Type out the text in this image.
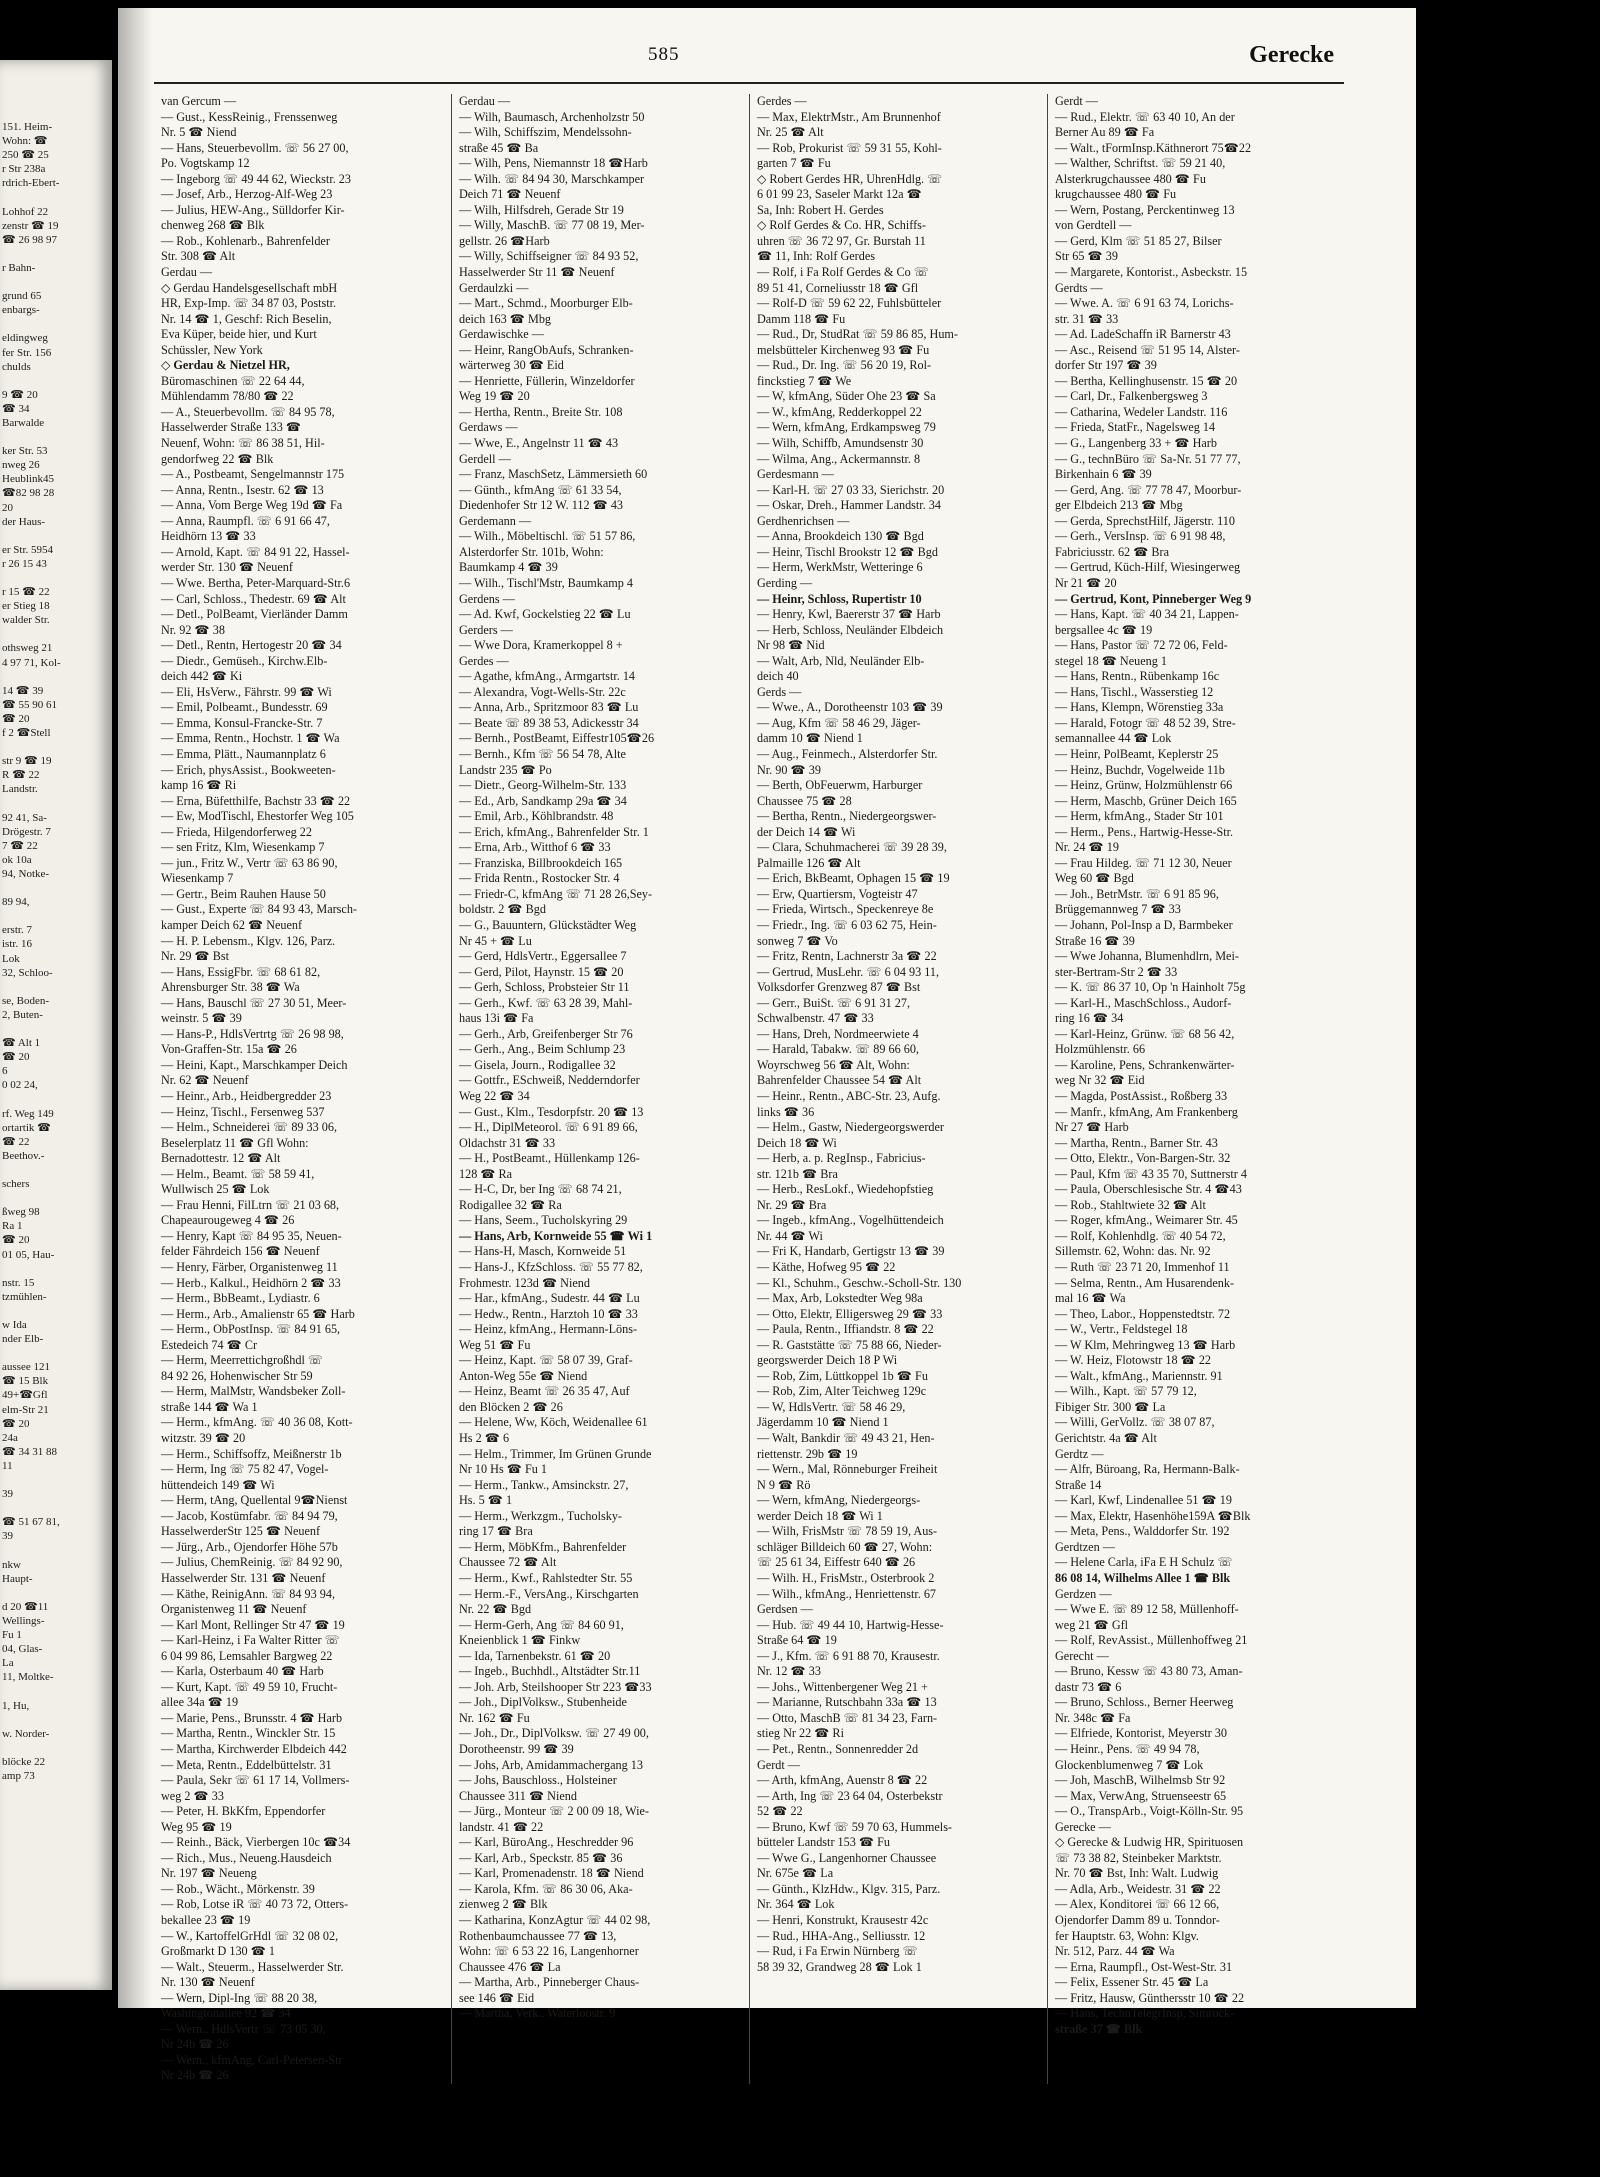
151. Heim-
Wohn: ☎
250 ☎ 25
r Str 238a
rdrich-Ebert-

Lohhof 22
zenstr ☎ 19
☎ 26 98 97

r Bahn-

grund 65
enbargs-

eldingweg
fer Str. 156
chulds

9 ☎ 20
☎ 34
Barwalde

ker Str. 53
nweg 26
Heublink45
☎82 98 28
20
der Haus-

er Str. 5954
r 26 15 43

r 15 ☎ 22
er Stieg 18
walder Str.

othsweg 21
4 97 71, Kol-

14 ☎ 39
☎ 55 90 61
☎ 20
f 2 ☎Stell

str 9 ☎ 19
R ☎ 22
Landstr.

92 41, Sa-
Drögestr. 7
7 ☎ 22
ok 10a
94, Notke-

89 94,

erstr. 7
istr. 16
Lok
32, Schloo-

se, Boden-
2, Buten-

☎ Alt 1
☎ 20
6
0 02 24,

rf. Weg 149
ortartik ☎
☎ 22
Beethov.-

schers

ßweg 98
Ra 1
☎ 20
01 05, Hau-

nstr. 15
tzmühlen-

w Ida
nder Elb-

aussee 121
☎ 15 Blk
49+☎Gfl
elm-Str 21
☎ 20
24a
☎ 34 31 88
11

39

☎ 51 67 81,
39

nkw
Haupt-

d 20 ☎11
Wellings-
Fu 1
04, Glas-
La
11, Moltke-

1, Hu,

w. Norder-

blöcke 22
amp 73
585	Gerecke
van Gercum —
— Gust., KessReinig., Frenssenweg
Nr. 5 ☎ Niend
— Hans, Steuerbevollm. ☏ 56 27 00,
Po. Vogtskamp 12
— Ingeborg ☏ 49 44 62, Wieckstr. 23
— Josef, Arb., Herzog-Alf-Weg 23
— Julius, HEW-Ang., Sülldorfer Kir-
chenweg 268 ☎ Blk
— Rob., Kohlenarb., Bahrenfelder
Str. 308 ☎ Alt
Gerdau —
◇ Gerdau Handelsgesellschaft mbH
HR, Exp-Imp. ☏ 34 87 03, Poststr.
Nr. 14 ☎ 1, Geschf: Rich Beselin,
Eva Küper, beide hier, und Kurt
Schüssler, New York
◇ Gerdau & Nietzel HR,
Büromaschinen ☏ 22 64 44,
Mühlendamm 78/80 ☎ 22
— A., Steuerbevollm. ☏ 84 95 78,
Hasselwerder Straße 133 ☎
Neuenf, Wohn: ☏ 86 38 51, Hil-
gendorfweg 22 ☎ Blk
— A., Postbeamt, Sengelmannstr 175
— Anna, Rentn., Isestr. 62 ☎ 13
— Anna, Vom Berge Weg 19d ☎ Fa
— Anna, Raumpfl. ☏ 6 91 66 47,
Heidhörn 13 ☎ 33
— Arnold, Kapt. ☏ 84 91 22, Hassel-
werder Str. 130 ☎ Neuenf
— Wwe. Bertha, Peter-Marquard-Str.6
— Carl, Schloss., Thedestr. 69 ☎ Alt
— Detl., PolBeamt, Vierländer Damm
Nr. 92 ☎ 38
— Detl., Rentn, Hertogestr 20 ☎ 34
— Diedr., Gemüseh., Kirchw.Elb-
deich 442 ☎ Ki
— Eli, HsVerw., Fährstr. 99 ☎ Wi
— Emil, Polbeamt., Bundesstr. 69
— Emma, Konsul-Francke-Str. 7
— Emma, Rentn., Hochstr. 1 ☎ Wa
— Emma, Plätt., Naumannplatz 6
— Erich, physAssist., Bookweeten-
kamp 16 ☎ Ri
— Erna, Büfetthilfe, Bachstr 33 ☎ 22
— Ew, ModTischl, Ehestorfer Weg 105
— Frieda, Hilgendorferweg 22
— sen Fritz, Klm, Wiesenkamp 7
— jun., Fritz W., Vertr ☏ 63 86 90,
Wiesenkamp 7
— Gertr., Beim Rauhen Hause 50
— Gust., Experte ☏ 84 93 43, Marsch-
kamper Deich 62 ☎ Neuenf
— H. P. Lebensm., Klgv. 126, Parz.
Nr. 29 ☎ Bst
— Hans, EssigFbr. ☏ 68 61 82,
Ahrensburger Str. 38 ☎ Wa
— Hans, Bauschl ☏ 27 30 51, Meer-
weinstr. 5 ☎ 39
— Hans-P., HdlsVertrtg ☏ 26 98 98,
Von-Graffen-Str. 15a ☎ 26
— Heini, Kapt., Marschkamper Deich
Nr. 62 ☎ Neuenf
— Heinr., Arb., Heidbergredder 23
— Heinz, Tischl., Fersenweg 537
— Helm., Schneiderei ☏ 89 33 06,
Beselerplatz 11 ☎ Gfl Wohn:
Bernadottestr. 12 ☎ Alt
— Helm., Beamt. ☏ 58 59 41,
Wullwisch 25 ☎ Lok
— Frau Henni, FilLtrn ☏ 21 03 68,
Chapeaurougeweg 4 ☎ 26
— Henry, Kapt ☏ 84 95 35, Neuen-
felder Fährdeich 156 ☎ Neuenf
— Henry, Färber, Organistenweg 11
— Herb., Kalkul., Heidhörn 2 ☎ 33
— Herm., BbBeamt., Lydiastr. 6
— Herm., Arb., Amalienstr 65 ☎ Harb
— Herm., ObPostInsp. ☏ 84 91 65,
Estedeich 74 ☎ Cr
— Herm, Meerrettichgroßhdl ☏
84 92 26, Hohenwischer Str 59
— Herm, MalMstr, Wandsbeker Zoll-
straße 144 ☎ Wa 1
— Herm., kfmAng. ☏ 40 36 08, Kott-
witzstr. 39 ☎ 20
— Herm., Schiffsoffz, Meißnerstr 1b
— Herm, Ing ☏ 75 82 47, Vogel-
hüttendeich 149 ☎ Wi
— Herm, tAng, Quellental 9☎Nienst
— Jacob, Kostümfabr. ☏ 84 94 79,
HasselwerderStr 125 ☎ Neuenf
— Jürg., Arb., Ojendorfer Höhe 57b
— Julius, ChemReinig. ☏ 84 92 90,
Hasselwerder Str. 131 ☎ Neuenf
— Käthe, ReinigAnn. ☏ 84 93 94,
Organistenweg 11 ☎ Neuenf
— Karl Mont, Rellinger Str 47 ☎ 19
— Karl-Heinz, i Fa Walter Ritter ☏
6 04 99 86, Lemsahler Bargweg 22
— Karla, Osterbaum 40 ☎ Harb
— Kurt, Kapt. ☏ 49 59 10, Frucht-
allee 34a ☎ 19
— Marie, Pens., Brunsstr. 4 ☎ Harb
— Martha, Rentn., Winckler Str. 15
— Martha, Kirchwerder Elbdeich 442
— Meta, Rentn., Eddelbüttelstr. 31
— Paula, Sekr ☏ 61 17 14, Vollmers-
weg 2 ☎ 33
— Peter, H. BkKfm, Eppendorfer
Weg 95 ☎ 19
— Reinh., Bäck, Vierbergen 10c ☎34
— Rich., Mus., Neueng.Hausdeich
Nr. 197 ☎ Neueng
— Rob., Wächt., Mörkenstr. 39
— Rob, Lotse iR ☏ 40 73 72, Otters-
bekallee 23 ☎ 19
— W., KartoffelGrHdl ☏ 32 08 02,
Großmarkt D 130 ☎ 1
— Walt., Steuerm., Hasselwerder Str.
Nr. 130 ☎ Neuenf
— Wern, Dipl-Ing ☏ 88 20 38,
Washingtonallee 92 ☎ 34
— Wern., HdlsVertr ☏ 73 05 30,
Nr 24b ☎ 26
— Wern., kfmAng, Carl-Petersen-Str
Nr 24b ☎ 26
Gerdau —
— Wilh, Baumasch, Archenholzstr 50
— Wilh, Schiffszim, Mendelssohn-
straße 45 ☎ Ba
— Wilh, Pens, Niemannstr 18 ☎Harb
— Wilh. ☏ 84 94 30, Marschkamper
Deich 71 ☎ Neuenf
— Wilh, Hilfsdreh, Gerade Str 19
— Willy, MaschB. ☏ 77 08 19, Mer-
gellstr. 26 ☎Harb
— Willy, Schiffseigner ☏ 84 93 52,
Hasselwerder Str 11 ☎ Neuenf
Gerdaulzki —
— Mart., Schmd., Moorburger Elb-
deich 163 ☎ Mbg
Gerdawischke —
— Heinr, RangObAufs, Schranken-
wärterweg 30 ☎ Eid
— Henriette, Füllerin, Winzeldorfer
Weg 19 ☎ 20
— Hertha, Rentn., Breite Str. 108
Gerdaws —
— Wwe, E., Angelnstr 11 ☎ 43
Gerdell —
— Franz, MaschSetz, Lämmersieth 60
— Günth., kfmAng ☏ 61 33 54,
Diedenhofer Str 12 W. 112 ☎ 43
Gerdemann —
— Wilh., Möbeltischl. ☏ 51 57 86,
Alsterdorfer Str. 101b, Wohn:
Baumkamp 4 ☎ 39
— Wilh., Tischl'Mstr, Baumkamp 4
Gerdens —
— Ad. Kwf, Gockelstieg 22 ☎ Lu
Gerders —
— Wwe Dora, Kramerkoppel 8 +
Gerdes —
— Agathe, kfmAng., Armgartstr. 14
— Alexandra, Vogt-Wells-Str. 22c
— Anna, Arb., Spritzmoor 83 ☎ Lu
— Beate ☏ 89 38 53, Adickesstr 34
— Bernh., PostBeamt, Eiffestr105☎26
— Bernh., Kfm ☏ 56 54 78, Alte
Landstr 235 ☎ Po
— Dietr., Georg-Wilhelm-Str. 133
— Ed., Arb, Sandkamp 29a ☎ 34
— Emil, Arb., Köhlbrandstr. 48
— Erich, kfmAng., Bahrenfelder Str. 1
— Erna, Arb., Witthof 6 ☎ 33
— Franziska, Billbrookdeich 165
— Frida Rentn., Rostocker Str. 4
— Friedr-C, kfmAng ☏ 71 28 26,Sey-
boldstr. 2 ☎ Bgd
— G., Bauuntern, Glückstädter Weg
Nr 45 + ☎ Lu
— Gerd, HdlsVertr., Eggersallee 7
— Gerd, Pilot, Haynstr. 15 ☎ 20
— Gerh, Schloss, Probsteier Str 11
— Gerh., Kwf. ☏ 63 28 39, Mahl-
haus 13i ☎ Fa
— Gerh., Arb, Greifenberger Str 76
— Gerh., Ang., Beim Schlump 23
— Gisela, Journ., Rodigallee 32
— Gottfr., ESchweiß, Nedderndorfer
Weg 22 ☎ 34
— Gust., Klm., Tesdorpfstr. 20 ☎ 13
— H., DiplMeteorol. ☏ 6 91 89 66,
Oldachstr 31 ☎ 33
— H., PostBeamt., Hüllenkamp 126-
128 ☎ Ra
— H-C, Dr, ber Ing ☏ 68 74 21,
Rodigallee 32 ☎ Ra
— Hans, Seem., Tucholskyring 29
— Hans, Arb, Kornweide 55 ☎ Wi 1
— Hans-H, Masch, Kornweide 51
— Hans-J., KfzSchloss. ☏ 55 77 82,
Frohmestr. 123d ☎ Niend
— Har., kfmAng., Sudestr. 44 ☎ Lu
— Hedw., Rentn., Harztoh 10 ☎ 33
— Heinz, kfmAng., Hermann-Löns-
Weg 51 ☎ Fu
— Heinz, Kapt. ☏ 58 07 39, Graf-
Anton-Weg 55e ☎ Niend
— Heinz, Beamt ☏ 26 35 47, Auf
den Blöcken 2 ☎ 26
— Helene, Ww, Köch, Weidenallee 61
Hs 2 ☎ 6
— Helm., Trimmer, Im Grünen Grunde
Nr 10 Hs ☎ Fu 1
— Herm., Tankw., Amsinckstr. 27,
Hs. 5 ☎ 1
— Herm., Werkzgm., Tucholsky-
ring 17 ☎ Bra
— Herm, MöbKfm., Bahrenfelder
Chaussee 72 ☎ Alt
— Herm., Kwf., Rahlstedter Str. 55
— Herm.-F., VersAng., Kirschgarten
Nr. 22 ☎ Bgd
— Herm-Gerh, Ang ☏ 84 60 91,
Kneienblick 1 ☎ Finkw
— Ida, Tarnenbekstr. 61 ☎ 20
— Ingeb., Buchhdl., Altstädter Str.11
— Joh. Arb, Steilshooper Str 223 ☎33
— Joh., DiplVolksw., Stubenheide
Nr. 162 ☎ Fu
— Joh., Dr., DiplVolksw. ☏ 27 49 00,
Dorotheenstr. 99 ☎ 39
— Johs, Arb, Amidammachergang 13
— Johs, Bauschloss., Holsteiner
Chaussee 311 ☎ Niend
— Jürg., Monteur ☏ 2 00 09 18, Wie-
landstr. 41 ☎ 22
— Karl, BüroAng., Heschredder 96
— Karl, Arb., Speckstr. 85 ☎ 36
— Karl, Promenadenstr. 18 ☎ Niend
— Karola, Kfm. ☏ 86 30 06, Aka-
zienweg 2 ☎ Blk
— Katharina, KonzAgtur ☏ 44 02 98,
Rothenbaumchaussee 77 ☎ 13,
Wohn: ☏ 6 53 22 16, Langenhorner
Chaussee 476 ☎ La
— Martha, Arb., Pinneberger Chaus-
see 146 ☎ Eid
— Martha, Verk., Waterloostr. 9
Gerdes —
— Max, ElektrMstr., Am Brunnenhof
Nr. 25 ☎ Alt
— Rob, Prokurist ☏ 59 31 55, Kohl-
garten 7 ☎ Fu
◇ Robert Gerdes HR, UhrenHdlg. ☏
6 01 99 23, Saseler Markt 12a ☎
Sa, Inh: Robert H. Gerdes
◇ Rolf Gerdes & Co. HR, Schiffs-
uhren ☏ 36 72 97, Gr. Burstah 11
☎ 11, Inh: Rolf Gerdes
— Rolf, i Fa Rolf Gerdes & Co ☏
89 51 41, Corneliusstr 18 ☎ Gfl
— Rolf-D ☏ 59 62 22, Fuhlsbütteler
Damm 118 ☎ Fu
— Rud., Dr, StudRat ☏ 59 86 85, Hum-
melsbütteler Kirchenweg 93 ☎ Fu
— Rud., Dr. Ing. ☏ 56 20 19, Rol-
finckstieg 7 ☎ We
— W, kfmAng, Süder Ohe 23 ☎ Sa
— W., kfmAng, Redderkoppel 22
— Wern, kfmAng, Erdkampsweg 79
— Wilh, Schiffb, Amundsenstr 30
— Wilma, Ang., Ackermannstr. 8
Gerdesmann —
— Karl-H. ☏ 27 03 33, Sierichstr. 20
— Oskar, Dreh., Hammer Landstr. 34
Gerdhenrichsen —
— Anna, Brookdeich 130 ☎ Bgd
— Heinr, Tischl Brookstr 12 ☎ Bgd
— Herm, WerkMstr, Wetteringe 6
Gerding —
— Heinr, Schloss, Rupertistr 10
— Henry, Kwl, Baererstr 37 ☎ Harb
— Herb, Schloss, Neuländer Elbdeich
Nr 98 ☎ Nid
— Walt, Arb, Nld, Neuländer Elb-
deich 40
Gerds —
— Wwe., A., Dorotheenstr 103 ☎ 39
— Aug, Kfm ☏ 58 46 29, Jäger-
damm 10 ☎ Niend 1
— Aug., Feinmech., Alsterdorfer Str.
Nr. 90 ☎ 39
— Berth, ObFeuerwm, Harburger
Chaussee 75 ☎ 28
— Bertha, Rentn., Niedergeorgswer-
der Deich 14 ☎ Wi
— Clara, Schuhmacherei ☏ 39 28 39,
Palmaille 126 ☎ Alt
— Erich, BkBeamt, Ophagen 15 ☎ 19
— Erw, Quartiersm, Vogteistr 47
— Frieda, Wirtsch., Speckenreye 8e
— Friedr., Ing. ☏ 6 03 62 75, Hein-
sonweg 7 ☎ Vo
— Fritz, Rentn, Lachnerstr 3a ☎ 22
— Gertrud, MusLehr. ☏ 6 04 93 11,
Volksdorfer Grenzweg 87 ☎ Bst
— Gerr., BuiSt. ☏ 6 91 31 27,
Schwalbenstr. 47 ☎ 33
— Hans, Dreh, Nordmeerwiete 4
— Harald, Tabakw. ☏ 89 66 60,
Woyrschweg 56 ☎ Alt, Wohn:
Bahrenfelder Chaussee 54 ☎ Alt
— Heinr., Rentn., ABC-Str. 23, Aufg.
links ☎ 36
— Helm., Gastw, Niedergeorgswerder
Deich 18 ☎ Wi
— Herb, a. p. RegInsp., Fabricius-
str. 121b ☎ Bra
— Herb., ResLokf., Wiedehopfstieg
Nr. 29 ☎ Bra
— Ingeb., kfmAng., Vogelhüttendeich
Nr. 44 ☎ Wi
— Fri K, Handarb, Gertigstr 13 ☎ 39
— Käthe, Hofweg 95 ☎ 22
— Kl., Schuhm., Geschw.-Scholl-Str. 130
— Max, Arb, Lokstedter Weg 98a
— Otto, Elektr, Elligersweg 29 ☎ 33
— Paula, Rentn., Iffiandstr. 8 ☎ 22
— R. Gaststätte ☏ 75 88 66, Nieder-
georgswerder Deich 18 P Wi
— Rob, Zim, Lüttkoppel 1b ☎ Fu
— Rob, Zim, Alter Teichweg 129c
— W, HdlsVertr. ☏ 58 46 29,
Jägerdamm 10 ☎ Niend 1
— Walt, Bankdir ☏ 49 43 21, Hen-
riettenstr. 29b ☎ 19
— Wern., Mal, Rönneburger Freiheit
N 9 ☎ Rö
— Wern, kfmAng, Niedergeorgs-
werder Deich 18 ☎ Wi 1
— Wilh, FrisMstr ☏ 78 59 19, Aus-
schläger Billdeich 60 ☎ 27, Wohn:
☏ 25 61 34, Eiffestr 640 ☎ 26
— Wilh. H., FrisMstr., Osterbrook 2
— Wilh., kfmAng., Henriettenstr. 67
Gerdsen —
— Hub. ☏ 49 44 10, Hartwig-Hesse-
Straße 64 ☎ 19
— J., Kfm. ☏ 6 91 88 70, Krausestr.
Nr. 12 ☎ 33
— Johs., Wittenbergener Weg 21 +
— Marianne, Rutschbahn 33a ☎ 13
— Otto, MaschB ☏ 81 34 23, Farn-
stieg Nr 22 ☎ Ri
— Pet., Rentn., Sonnenredder 2d
Gerdt —
— Arth, kfmAng, Auenstr 8 ☎ 22
— Arth, Ing ☏ 23 64 04, Osterbekstr
52 ☎ 22
— Bruno, Kwf ☏ 59 70 63, Hummels-
bütteler Landstr 153 ☎ Fu
— Wwe G., Langenhorner Chaussee
Nr. 675e ☎ La
— Günth., KlzHdw., Klgv. 315, Parz.
Nr. 364 ☎ Lok
— Henri, Konstrukt, Krausestr 42c
— Rud., HHA-Ang., Selliusstr. 12
— Rud, i Fa Erwin Nürnberg ☏
58 39 32, Grandweg 28 ☎ Lok 1
Gerdt —
— Rud., Elektr. ☏ 63 40 10, An der
Berner Au 89 ☎ Fa
— Walt., tFormInsp.Käthnerort 75☎22
— Walther, Schriftst. ☏ 59 21 40,
Alsterkrugchaussee 480 ☎ Fu
krugchaussee 480 ☎ Fu
— Wern, Postang, Perckentinweg 13
von Gerdtell —
— Gerd, Klm ☏ 51 85 27, Bilser
Str 65 ☎ 39
— Margarete, Kontorist., Asbeckstr. 15
Gerdts —
— Wwe. A. ☏ 6 91 63 74, Lorichs-
str. 31 ☎ 33
— Ad. LadeSchaffn iR Barnerstr 43
— Asc., Reisend ☏ 51 95 14, Alster-
dorfer Str 197 ☎ 39
— Bertha, Kellinghusenstr. 15 ☎ 20
— Carl, Dr., Falkenbergsweg 3
— Catharina, Wedeler Landstr. 116
— Frieda, StatFr., Nagelsweg 14
— G., Langenberg 33 + ☎ Harb
— G., technBüro ☏ Sa-Nr. 51 77 77,
Birkenhain 6 ☎ 39
— Gerd, Ang. ☏ 77 78 47, Moorbur-
ger Elbdeich 213 ☎ Mbg
— Gerda, SprechstHilf, Jägerstr. 110
— Gerh., VersInsp. ☏ 6 91 98 48,
Fabriciusstr. 62 ☎ Bra
— Gertrud, Küch-Hilf, Wiesingerweg
Nr 21 ☎ 20
— Gertrud, Kont, Pinneberger Weg 9
— Hans, Kapt. ☏ 40 34 21, Lappen-
bergsallee 4c ☎ 19
— Hans, Pastor ☏ 72 72 06, Feld-
stegel 18 ☎ Neueng 1
— Hans, Rentn., Rübenkamp 16c
— Hans, Tischl., Wasserstieg 12
— Hans, Klempn, Wörenstieg 33a
— Harald, Fotogr ☏ 48 52 39, Stre-
semannallee 44 ☎ Lok
— Heinr, PolBeamt, Keplerstr 25
— Heinz, Buchdr, Vogelweide 11b
— Heinz, Grünw, Holzmühlenstr 66
— Herm, Maschb, Grüner Deich 165
— Herm, kfmAng., Stader Str 101
— Herm., Pens., Hartwig-Hesse-Str.
Nr. 24 ☎ 19
— Frau Hildeg. ☏ 71 12 30, Neuer
Weg 60 ☎ Bgd
— Joh., BetrMstr. ☏ 6 91 85 96,
Brüggemannweg 7 ☎ 33
— Johann, Pol-Insp a D, Barmbeker
Straße 16 ☎ 39
— Wwe Johanna, Blumenhdlrn, Mei-
ster-Bertram-Str 2 ☎ 33
— K. ☏ 86 37 10, Op 'n Hainholt 75g
— Karl-H., MaschSchloss., Audorf-
ring 16 ☎ 34
— Karl-Heinz, Grünw. ☏ 68 56 42,
Holzmühlenstr. 66
— Karoline, Pens, Schrankenwärter-
weg Nr 32 ☎ Eid
— Magda, PostAssist., Roßberg 33
— Manfr., kfmAng, Am Frankenberg
Nr 27 ☎ Harb
— Martha, Rentn., Barner Str. 43
— Otto, Elektr., Von-Bargen-Str. 32
— Paul, Kfm ☏ 43 35 70, Suttnerstr 4
— Paula, Oberschlesische Str. 4 ☎43
— Rob., Stahltwiete 32 ☎ Alt
— Roger, kfmAng., Weimarer Str. 45
— Rolf, Kohlenhdlg. ☏ 40 54 72,
Sillemstr. 62, Wohn: das. Nr. 92
— Ruth ☏ 23 71 20, Immenhof 11
— Selma, Rentn., Am Husarendenk-
mal 16 ☎ Wa
— Theo, Labor., Hoppenstedtstr. 72
— W., Vertr., Feldstegel 18
— W Klm, Mehringweg 13 ☎ Harb
— W. Heiz, Flotowstr 18 ☎ 22
— Walt., kfmAng., Mariennstr. 91
— Wilh., Kapt. ☏ 57 79 12,
Fibiger Str. 300 ☎ La
— Willi, GerVollz. ☏ 38 07 87,
Gerichtstr. 4a ☎ Alt
Gerdtz —
— Alfr, Büroang, Ra, Hermann-Balk-
Straße 14
— Karl, Kwf, Lindenallee 51 ☎ 19
— Max, Elektr, Hasenhöhe159A ☎Blk
— Meta, Pens., Walddorfer Str. 192
Gerdtzen —
— Helene Carla, iFa E H Schulz ☏
86 08 14, Wilhelms Allee 1 ☎ Blk
Gerdzen —
— Wwe E. ☏ 89 12 58, Müllenhoff-
weg 21 ☎ Gfl
— Rolf, RevAssist., Müllenhoffweg 21
Gerecht —
— Bruno, Kessw ☏ 43 80 73, Aman-
dastr 73 ☎ 6
— Bruno, Schloss., Berner Heerweg
Nr. 348c ☎ Fa
— Elfriede, Kontorist, Meyerstr 30
— Heinr., Pens. ☏ 49 94 78,
Glockenblumenweg 7 ☎ Lok
— Joh, MaschB, Wilhelmsb Str 92
— Max, VerwAng, Struenseestr 65
— O., TranspArb., Voigt-Kölln-Str. 95
Gerecke —
◇ Gerecke & Ludwig HR, Spirituosen
☏ 73 38 82, Steinbeker Marktstr.
Nr. 70 ☎ Bst, Inh: Walt. Ludwig
— Adla, Arb., Weidestr. 31 ☎ 22
— Alex, Konditorei ☏ 66 12 66,
Ojendorfer Damm 89 u. Tonndor-
fer Hauptstr. 63, Wohn: Klgv.
Nr. 512, Parz. 44 ☎ Wa
— Erna, Raumpfl., Ost-West-Str. 31
— Felix, Essener Str. 45 ☎ La
— Fritz, Hausw, Günthersstr 10 ☎ 22
— Hans, TechnTelegrInsp, Simrock-
straße 37 ☎ Blk
